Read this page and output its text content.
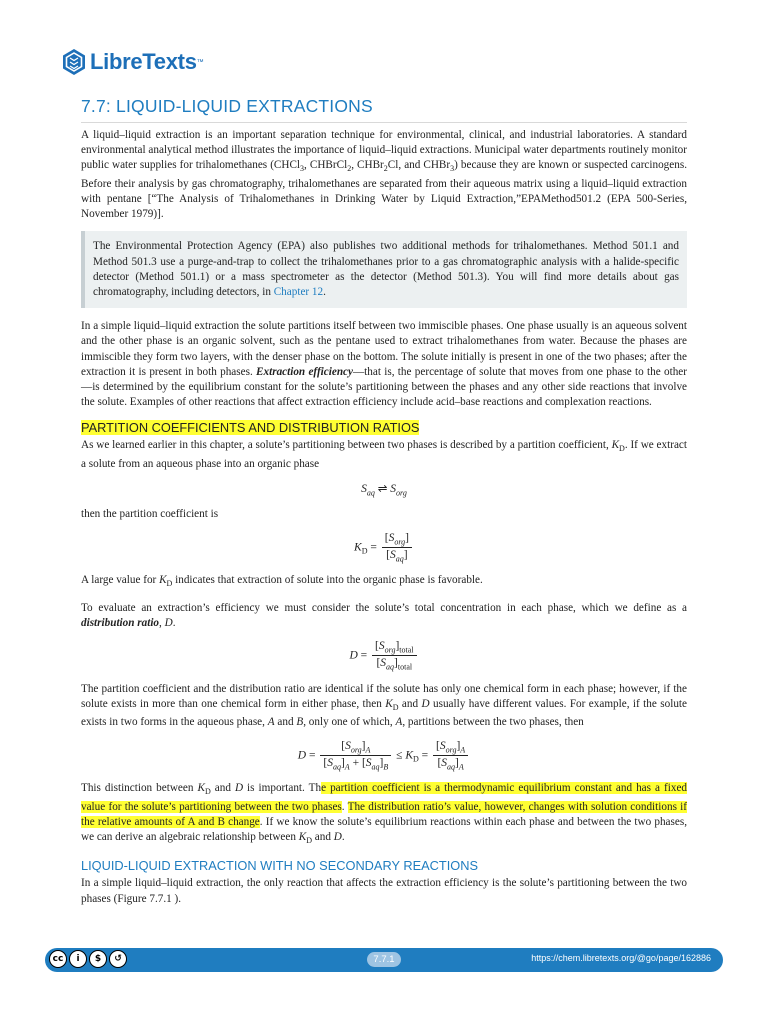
LibreTexts ™
7.7: LIQUID-LIQUID EXTRACTIONS

A liquid–liquid extraction is an important separation technique for environmental, clinical, and industrial laboratories. A standard environmental analytical method illustrates the importance of liquid–liquid extractions. Municipal water departments routinely monitor public water supplies for trihalomethanes (CHCl$_3$, CHBrCl$_2$, CHBr$_2$Cl, and CHBr$_3$) because they are known or suspected carcinogens. Before their analysis by gas chromatography, trihalomethanes are separated from their aqueous matrix using a liquid–liquid extraction with pentane [“The Analysis of Trihalomethanes in Drinking Water by Liquid Extraction,”EPAMethod501.2 (EPA 500-Series, November 1979)].

The Environmental Protection Agency (EPA) also publishes two additional methods for trihalomethanes. Method 501.1 and Method 501.3 use a purge-and-trap to collect the trihalomethanes prior to a gas chromatographic analysis with a halide-specific detector (Method 501.1) or a mass spectrometer as the detector (Method 501.3). You will find more details about gas chromatography, including detectors, in Chapter 12.

In a simple liquid–liquid extraction the solute partitions itself between two immiscible phases. One phase usually is an aqueous solvent and the other phase is an organic solvent, such as the pentane used to extract trihalomethanes from water. Because the phases are immiscible they form two layers, with the denser phase on the bottom. The solute initially is present in one of the two phases; after the extraction it is present in both phases. Extraction efficiency—that is, the percentage of solute that moves from one phase to the other—is determined by the equilibrium constant for the solute’s partitioning between the phases and any other side reactions that involve the solute. Examples of other reactions that affect extraction efficiency include acid–base reactions and complexation reactions.

PARTITION COEFFICIENTS AND DISTRIBUTION RATIOS

As we learned earlier in this chapter, a solute’s partitioning between two phases is described by a partition coefficient, $K_D$. If we extract a solute from an aqueous phase into an organic phase

$S_{aq}$ ⇌ $S_{org}$

then the partition coefficient is

$K_D = \frac{[S_{org}]}{[S_{aq}]}$

A large value for $K_D$ indicates that extraction of solute into the organic phase is favorable.

To evaluate an extraction’s efficiency we must consider the solute’s total concentration in each phase, which we define as a distribution ratio, D.

$D = \frac{[S_{org}]_{total}}{[S_{aq}]_{total}}$

The partition coefficient and the distribution ratio are identical if the solute has only one chemical form in each phase; however, if the solute exists in more than one chemical form in either phase, then $K_D$ and D usually have different values. For example, if the solute exists in two forms in the aqueous phase, A and B, only one of which, A, partitions between the two phases, then

$D = \frac{[S_{org}]_A}{[S_{aq}]_A + [S_{aq}]_B} \le K_D = \frac{[S_{org}]_A}{[S_{aq}]_A}$

This distinction between $K_D$ and D is important. The partition coefficient is a thermodynamic equilibrium constant and has a fixed value for the solute’s partitioning between the two phases. The distribution ratio’s value, however, changes with solution conditions if the relative amounts of A and B change. If we know the solute’s equilibrium reactions within each phase and between the two phases, we can derive an algebraic relationship between $K_D$ and D.

LIQUID-LIQUID EXTRACTION WITH NO SECONDARY REACTIONS

In a simple liquid–liquid extraction, the only reaction that affects the extraction efficiency is the solute’s partitioning between the two phases (Figure 7.7.1 ).

cc	i	$	↺	7.7.1	https://chem.libretexts.org/@go/page/162886
